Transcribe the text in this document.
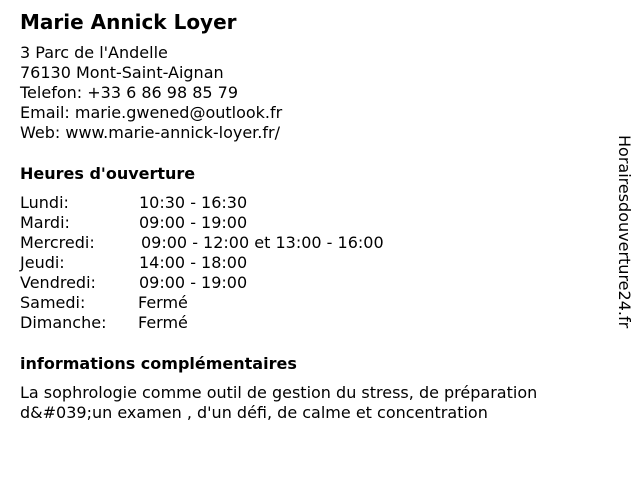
Marie Annick Loyer
3 Parc de l'Andelle
76130 Mont-Saint-Aignan
Telefon: +33 6 86 98 85 79
Email: marie.gwened@outlook.fr
Web: www.marie-annick-loyer.fr/
Heures d'ouverture
Lundi:	10:30 - 16:30
Mardi:	09:00 - 19:00
Mercredi:	09:00 - 12:00 et 13:00 - 16:00
Jeudi:	14:00 - 18:00
Vendredi:	09:00 - 19:00
Samedi:	Fermé
Dimanche: Fermé
informations complémentaires
La sophrologie comme outil de gestion du stress, de préparation d&#039;un examen , d'un défi, de calme et concentration
Horairesdouverture24.fr
